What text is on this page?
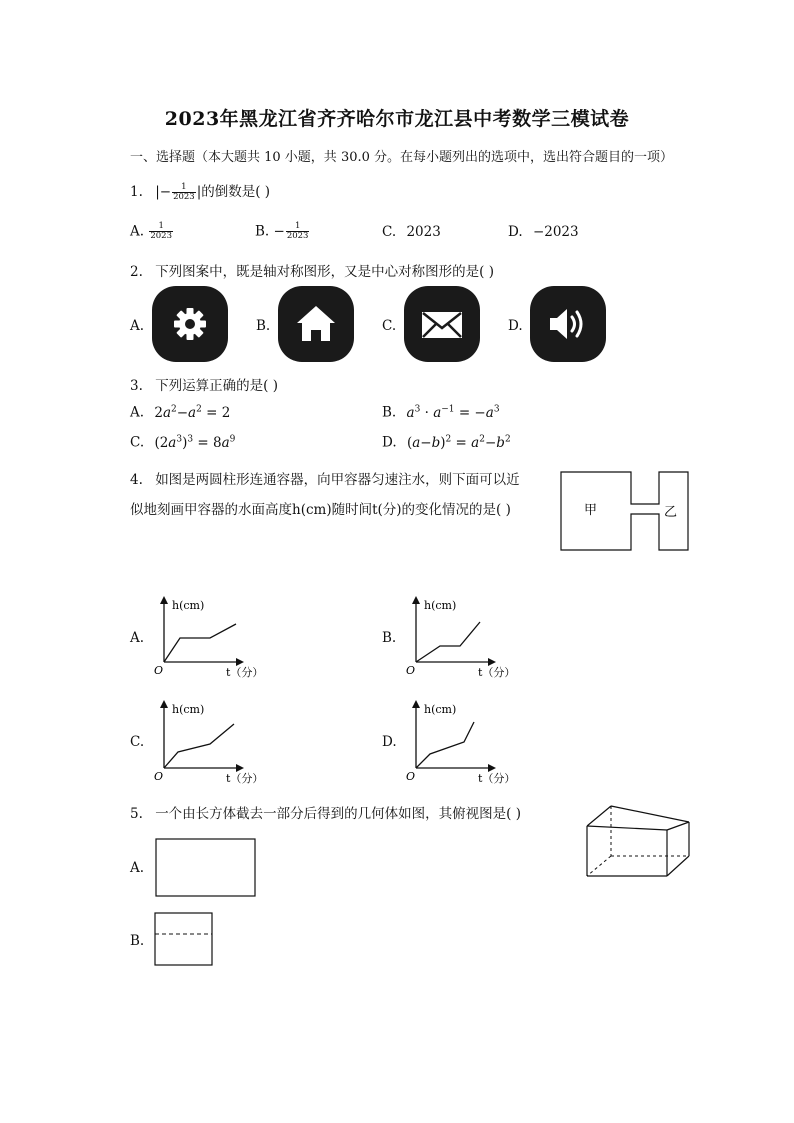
2023年黑龙江省齐齐哈尔市龙江县中考数学三模试卷
一、选择题（本大题共 10 小题，共 30.0 分。在每小题列出的选项中，选出符合题目的一项）
1. |− $\frac{1}{2023}$ |的倒数是( )
A. $\frac{1}{2023}$	B. − $\frac{1}{2023}$	C. 2023	D. −2023
2. 下列图案中，既是轴对称图形，又是中心对称图形的是( )
A.	B.	C.	D.
3. 下列运算正确的是( )
A. $2a^2-a^2 = 2$	B. $a^3 \cdot a^{-1} = -a^3$
C. $(2a^3)^3 = 8a^9$	D. $(a-b)^2 = a^2-b^2$
4. 如图是两圆柱形连通容器，向甲容器匀速注水，则下面可以近
似地刻画甲容器的水面高度h(cm)随时间t(分)的变化情况的是( )	甲	乙
A.
h(cm)
O	t（分）
B.
h(cm)
O	t（分）
C.
h(cm)
O	t（分）
D.
h(cm)
O	t（分）
5. 一个由长方体截去一部分后得到的几何体如图，其俯视图是( )
A.
B.
